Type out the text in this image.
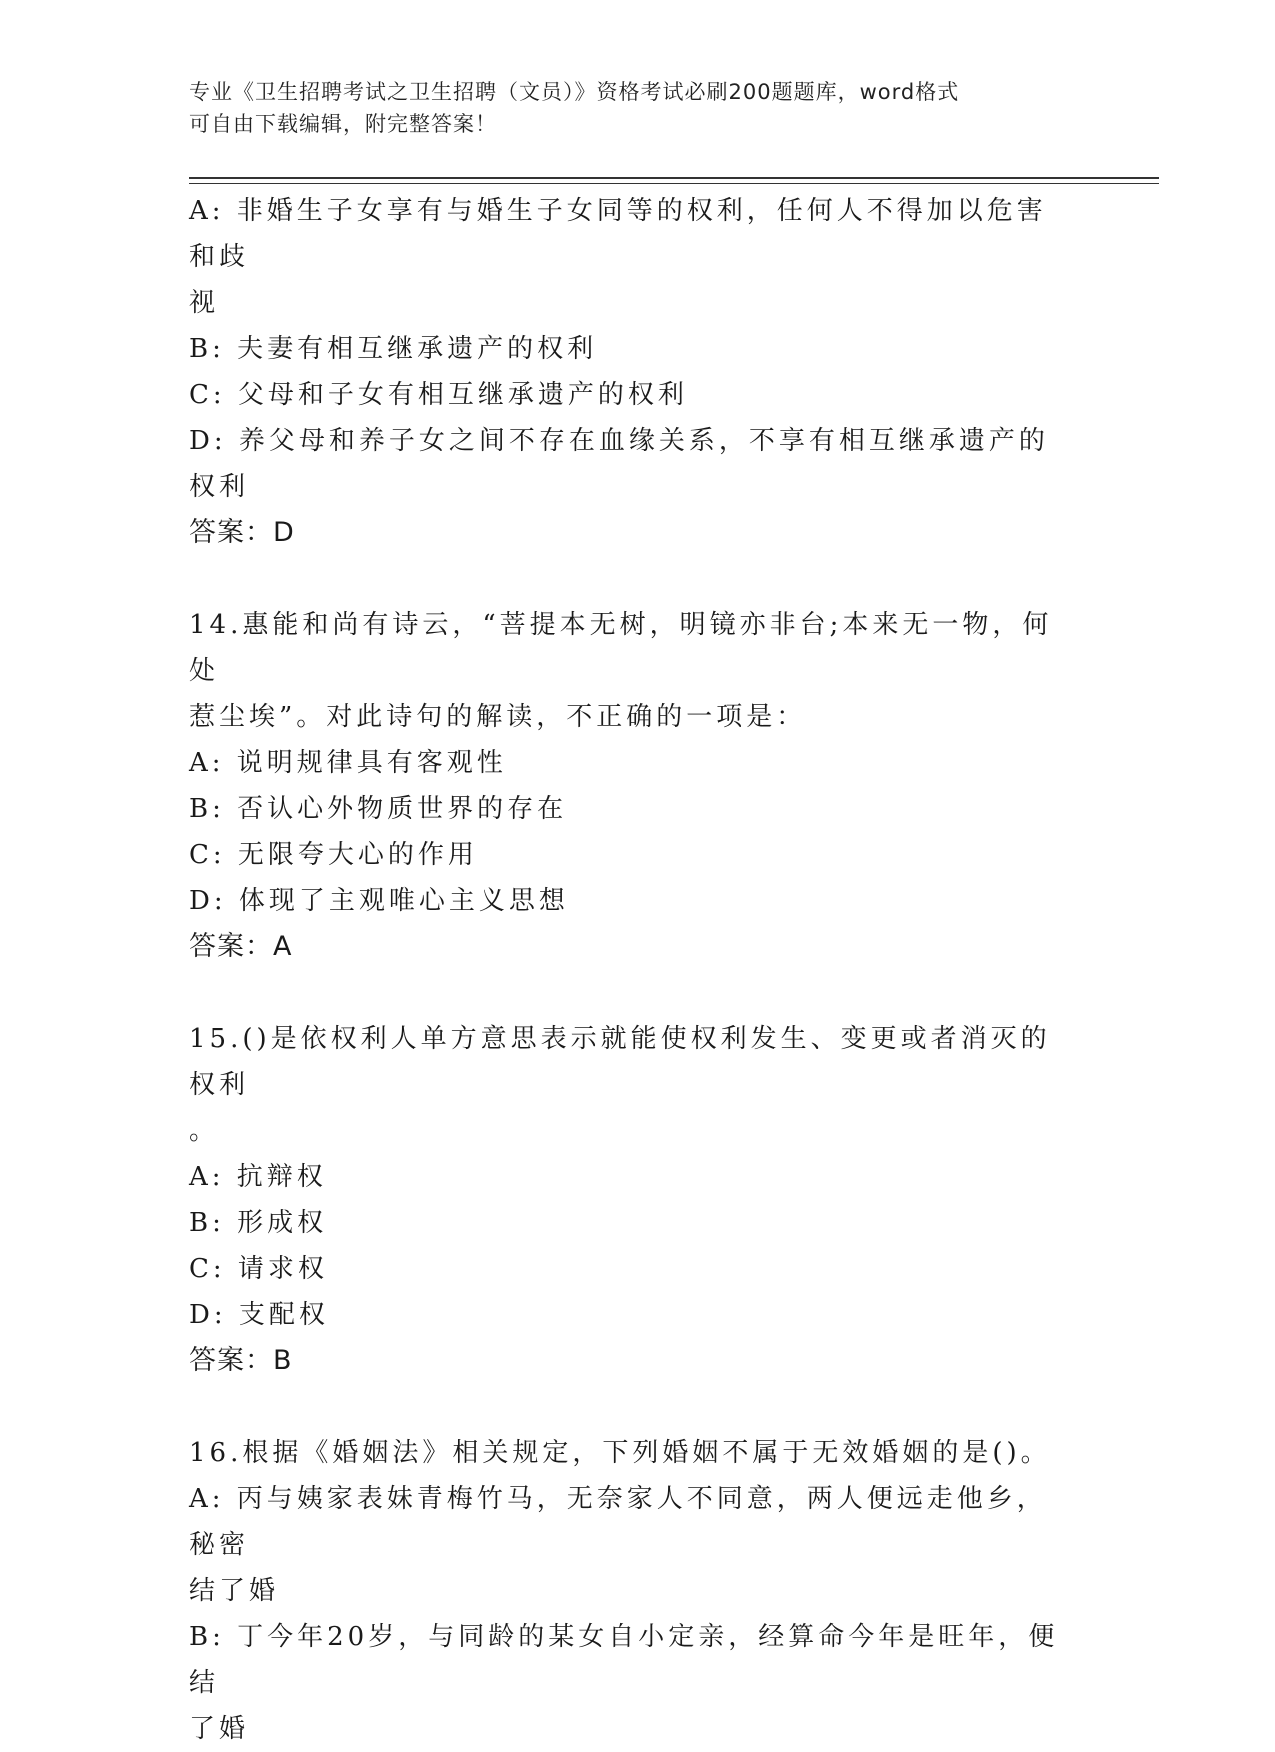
专业《卫生招聘考试之卫生招聘（文员）》资格考试必刷200题题库，word格式
可自由下载编辑，附完整答案！

A: 非婚生子女享有与婚生子女同等的权利，任何人不得加以危害和歧

视

B: 夫妻有相互继承遗产的权利

C: 父母和子女有相互继承遗产的权利

D: 养父母和养子女之间不存在血缘关系，不享有相互继承遗产的权利

答案：D

14.惠能和尚有诗云，“菩提本无树，明镜亦非台;本来无一物，何处

惹尘埃”。对此诗句的解读，不正确的一项是：

A: 说明规律具有客观性

B: 否认心外物质世界的存在

C: 无限夸大心的作用

D: 体现了主观唯心主义思想

答案：A

15.()是依权利人单方意思表示就能使权利发生、变更或者消灭的权利

。

A: 抗辩权

B: 形成权

C: 请求权

D: 支配权

答案：B

16.根据《婚姻法》相关规定，下列婚姻不属于无效婚姻的是()。

A: 丙与姨家表妹青梅竹马，无奈家人不同意，两人便远走他乡，秘密

结了婚

B: 丁今年20岁，与同龄的某女自小定亲，经算命今年是旺年，便结

了婚
